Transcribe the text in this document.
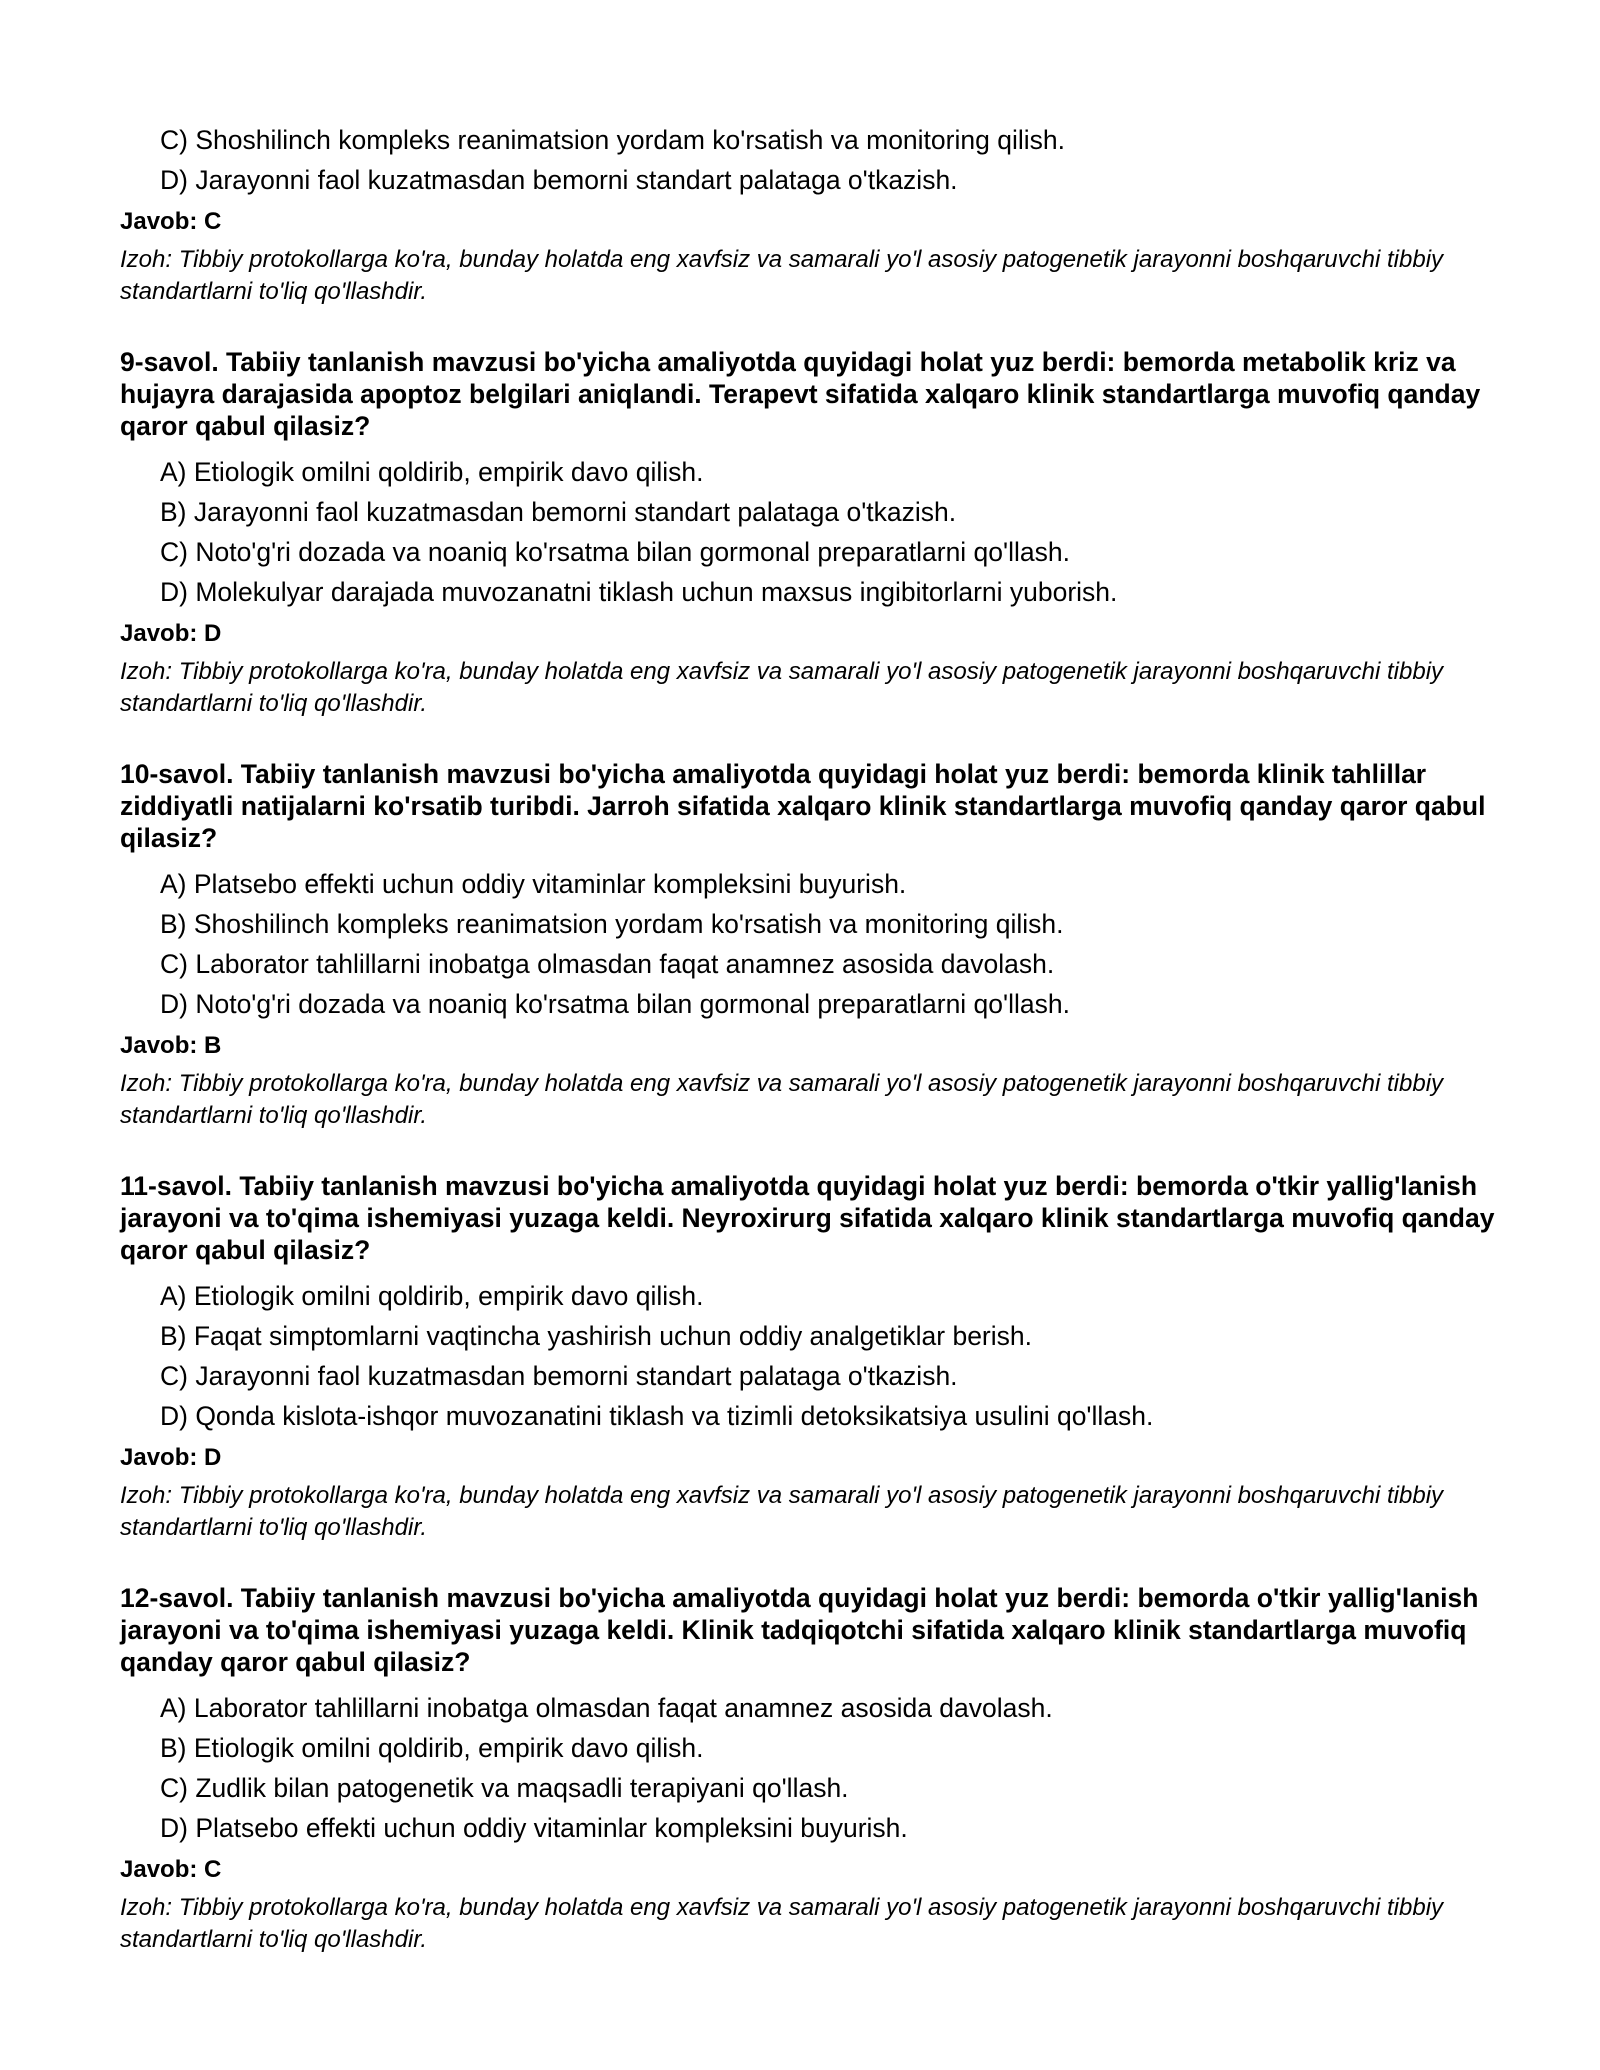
C) Shoshilinch kompleks reanimatsion yordam ko'rsatish va monitoring qilish.
D) Jarayonni faol kuzatmasdan bemorni standart palataga o'tkazish.
Javob: C
Izoh: Tibbiy protokollarga ko'ra, bunday holatda eng xavfsiz va samarali yo'l asosiy patogenetik jarayonni boshqaruvchi tibbiy standartlarni to'liq qo'llashdir.
9-savol. Tabiiy tanlanish mavzusi bo'yicha amaliyotda quyidagi holat yuz berdi: bemorda metabolik kriz va hujayra darajasida apoptoz belgilari aniqlandi. Terapevt sifatida xalqaro klinik standartlarga muvofiq qanday qaror qabul qilasiz?
A) Etiologik omilni qoldirib, empirik davo qilish.
B) Jarayonni faol kuzatmasdan bemorni standart palataga o'tkazish.
C) Noto'g'ri dozada va noaniq ko'rsatma bilan gormonal preparatlarni qo'llash.
D) Molekulyar darajada muvozanatni tiklash uchun maxsus ingibitorlarni yuborish.
Javob: D
Izoh: Tibbiy protokollarga ko'ra, bunday holatda eng xavfsiz va samarali yo'l asosiy patogenetik jarayonni boshqaruvchi tibbiy standartlarni to'liq qo'llashdir.
10-savol. Tabiiy tanlanish mavzusi bo'yicha amaliyotda quyidagi holat yuz berdi: bemorda klinik tahlillar ziddiyatli natijalarni ko'rsatib turibdi. Jarroh sifatida xalqaro klinik standartlarga muvofiq qanday qaror qabul qilasiz?
A) Platsebo effekti uchun oddiy vitaminlar kompleksini buyurish.
B) Shoshilinch kompleks reanimatsion yordam ko'rsatish va monitoring qilish.
C) Laborator tahlillarni inobatga olmasdan faqat anamnez asosida davolash.
D) Noto'g'ri dozada va noaniq ko'rsatma bilan gormonal preparatlarni qo'llash.
Javob: B
Izoh: Tibbiy protokollarga ko'ra, bunday holatda eng xavfsiz va samarali yo'l asosiy patogenetik jarayonni boshqaruvchi tibbiy standartlarni to'liq qo'llashdir.
11-savol. Tabiiy tanlanish mavzusi bo'yicha amaliyotda quyidagi holat yuz berdi: bemorda o'tkir yallig'lanish jarayoni va to'qima ishemiyasi yuzaga keldi. Neyroxirurg sifatida xalqaro klinik standartlarga muvofiq qanday qaror qabul qilasiz?
A) Etiologik omilni qoldirib, empirik davo qilish.
B) Faqat simptomlarni vaqtincha yashirish uchun oddiy analgetiklar berish.
C) Jarayonni faol kuzatmasdan bemorni standart palataga o'tkazish.
D) Qonda kislota-ishqor muvozanatini tiklash va tizimli detoksikatsiya usulini qo'llash.
Javob: D
Izoh: Tibbiy protokollarga ko'ra, bunday holatda eng xavfsiz va samarali yo'l asosiy patogenetik jarayonni boshqaruvchi tibbiy standartlarni to'liq qo'llashdir.
12-savol. Tabiiy tanlanish mavzusi bo'yicha amaliyotda quyidagi holat yuz berdi: bemorda o'tkir yallig'lanish jarayoni va to'qima ishemiyasi yuzaga keldi. Klinik tadqiqotchi sifatida xalqaro klinik standartlarga muvofiq qanday qaror qabul qilasiz?
A) Laborator tahlillarni inobatga olmasdan faqat anamnez asosida davolash.
B) Etiologik omilni qoldirib, empirik davo qilish.
C) Zudlik bilan patogenetik va maqsadli terapiyani qo'llash.
D) Platsebo effekti uchun oddiy vitaminlar kompleksini buyurish.
Javob: C
Izoh: Tibbiy protokollarga ko'ra, bunday holatda eng xavfsiz va samarali yo'l asosiy patogenetik jarayonni boshqaruvchi tibbiy standartlarni to'liq qo'llashdir.
